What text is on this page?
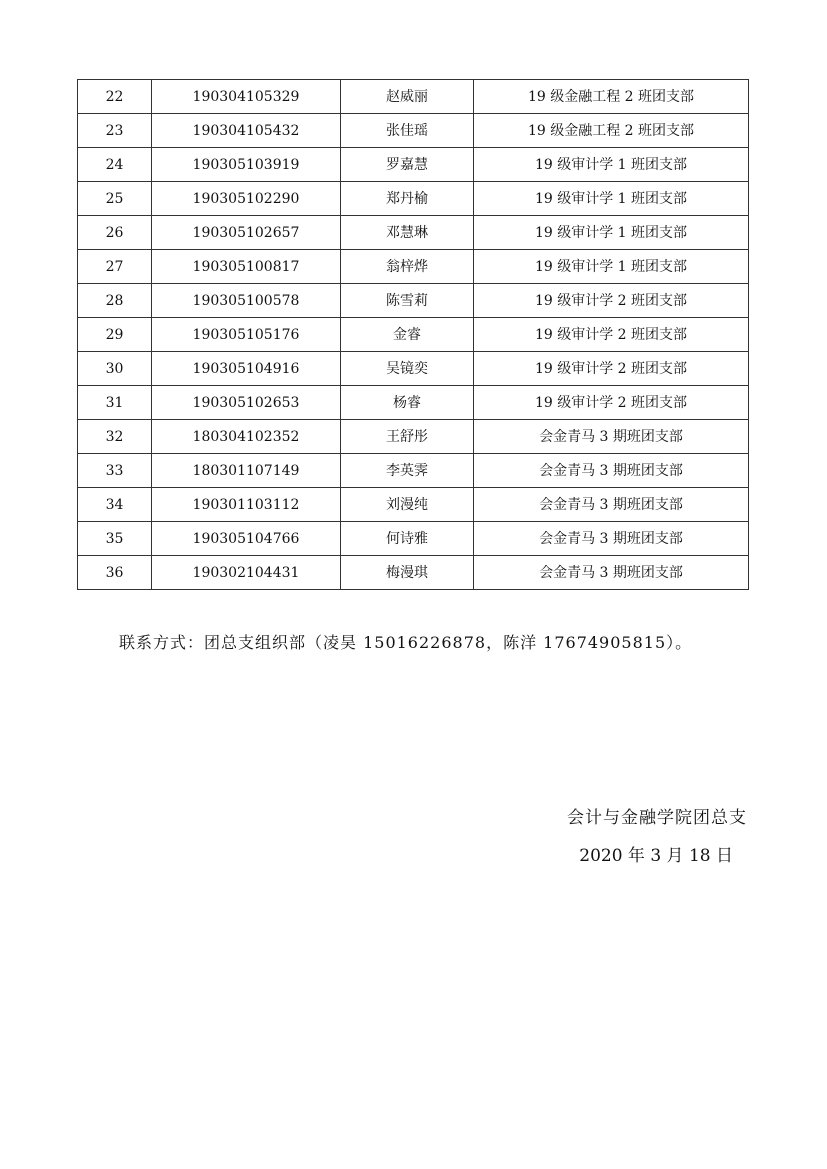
22	190304105329	赵威丽	19 级金融工程 2 班团支部
23	190304105432	张佳瑶	19 级金融工程 2 班团支部
24	190305103919	罗嘉慧	19 级审计学 1 班团支部
25	190305102290	郑丹榆	19 级审计学 1 班团支部
26	190305102657	邓慧琳	19 级审计学 1 班团支部
27	190305100817	翁梓烨	19 级审计学 1 班团支部
28	190305100578	陈雪莉	19 级审计学 2 班团支部
29	190305105176	金睿	19 级审计学 2 班团支部
30	190305104916	吴镜奕	19 级审计学 2 班团支部
31	190305102653	杨睿	19 级审计学 2 班团支部
32	180304102352	王舒彤	会金青马 3 期班团支部
33	180301107149	李英霁	会金青马 3 期班团支部
34	190301103112	刘漫纯	会金青马 3 期班团支部
35	190305104766	何诗雅	会金青马 3 期班团支部
36	190302104431	梅漫琪	会金青马 3 期班团支部
联系方式：团总支组织部（凌昊 15016226878，陈洋 17674905815）。
会计与金融学院团总支
2020 年 3 月 18 日
